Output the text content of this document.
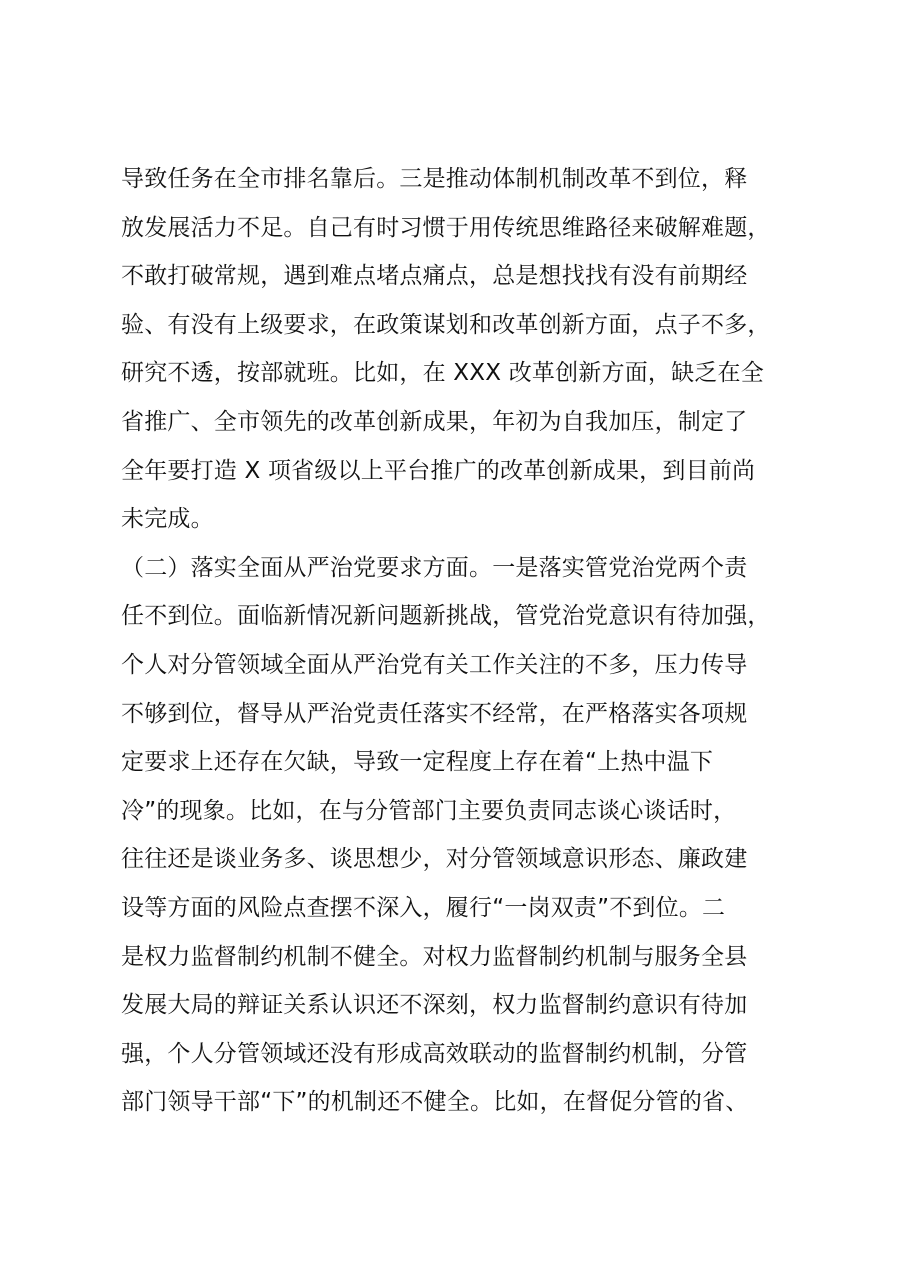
导致任务在全市排名靠后。三是推动体制机制改革不到位，释
放发展活力不足。自己有时习惯于用传统思维路径来破解难题，
不敢打破常规，遇到难点堵点痛点，总是想找找有没有前期经
验、有没有上级要求，在政策谋划和改革创新方面，点子不多，
研究不透，按部就班。比如，在 XXX 改革创新方面，缺乏在全
省推广、全市领先的改革创新成果，年初为自我加压，制定了
全年要打造 X 项省级以上平台推广的改革创新成果，到目前尚
未完成。
（二）落实全面从严治党要求方面。一是落实管党治党两个责
任不到位。面临新情况新问题新挑战，管党治党意识有待加强，
个人对分管领域全面从严治党有关工作关注的不多，压力传导
不够到位，督导从严治党责任落实不经常，在严格落实各项规
定要求上还存在欠缺，导致一定程度上存在着“上热中温下
冷”的现象。比如，在与分管部门主要负责同志谈心谈话时，
往往还是谈业务多、谈思想少，对分管领域意识形态、廉政建
设等方面的风险点查摆不深入，履行“一岗双责”不到位。二
是权力监督制约机制不健全。对权力监督制约机制与服务全县
发展大局的辩证关系认识还不深刻，权力监督制约意识有待加
强，个人分管领域还没有形成高效联动的监督制约机制，分管
部门领导干部“下”的机制还不健全。比如，在督促分管的省、
